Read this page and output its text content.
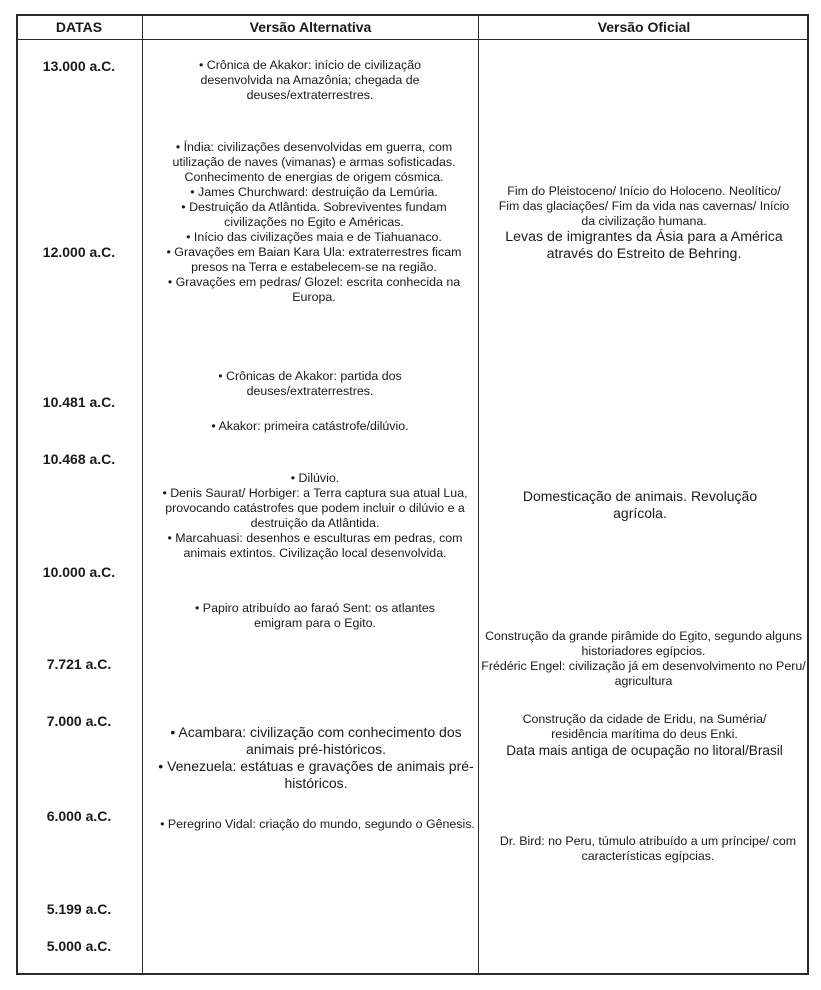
DATAS	Versão Alternativa	Versão Oficial
13.000 a.C.
12.000 a.C.
10.481 a.C.
10.468 a.C.
10.000 a.C.
7.721 a.C.
7.000 a.C.
6.000 a.C.
5.199 a.C.
5.000 a.C.

• Crônica de Akakor: início de civilização desenvolvida na Amazônia; chegada de deuses/extraterrestres.

• Índia: civilizações desenvolvidas em guerra, com utilização de naves (vimanas) e armas sofisticadas. Conhecimento de energias de origem cósmica.

• James Churchward: destruição da Lemúria.

• Destruição da Atlântida. Sobreviventes fundam civilizações no Egito e Américas.

• Início das civilizações maia e de Tiahuanaco.

• Gravações em Baian Kara Ula: extraterrestres ficam presos na Terra e estabelecem-se na região.

• Gravações em pedras/ Glozel: escrita conhecida na Europa.

• Crônicas de Akakor: partida dos deuses/extraterrestres.

• Akakor: primeira catástrofe/dilúvio.

• Dilúvio.

• Denis Saurat/ Horbiger: a Terra captura sua atual Lua, provocando catástrofes que podem incluir o dilúvio e a destruição da Atlântida.

• Marcahuasi: desenhos e esculturas em pedras, com animais extintos. Civilização local desenvolvida.

• Papiro atribuído ao faraó Sent: os atlantes emigram para o Egito.

• Acambara: civilização com conhecimento dos animais pré-históricos.

• Venezuela: estátuas e gravações de animais pré-históricos.

• Peregrino Vidal: criação do mundo, segundo o Gênesis.

Fim do Pleistoceno/ Início do Holoceno. Neolítico/ Fim das glaciações/ Fim da vida nas cavernas/ Início da civilização humana.

Levas de imigrantes da Ásia para a América através do Estreito de Behring.

Domesticação de animais. Revolução agrícola.

Construção da grande pirâmide do Egito, segundo alguns historiadores egípcios.

Frédéric Engel: civilização já em desenvolvimento no Peru/ agricultura

Construção da cidade de Eridu, na Suméria/ residência marítima do deus Enki.

Data mais antiga de ocupação no litoral/Brasil

Dr. Bird: no Peru, túmulo atribuído a um príncipe/ com características egípcias.
